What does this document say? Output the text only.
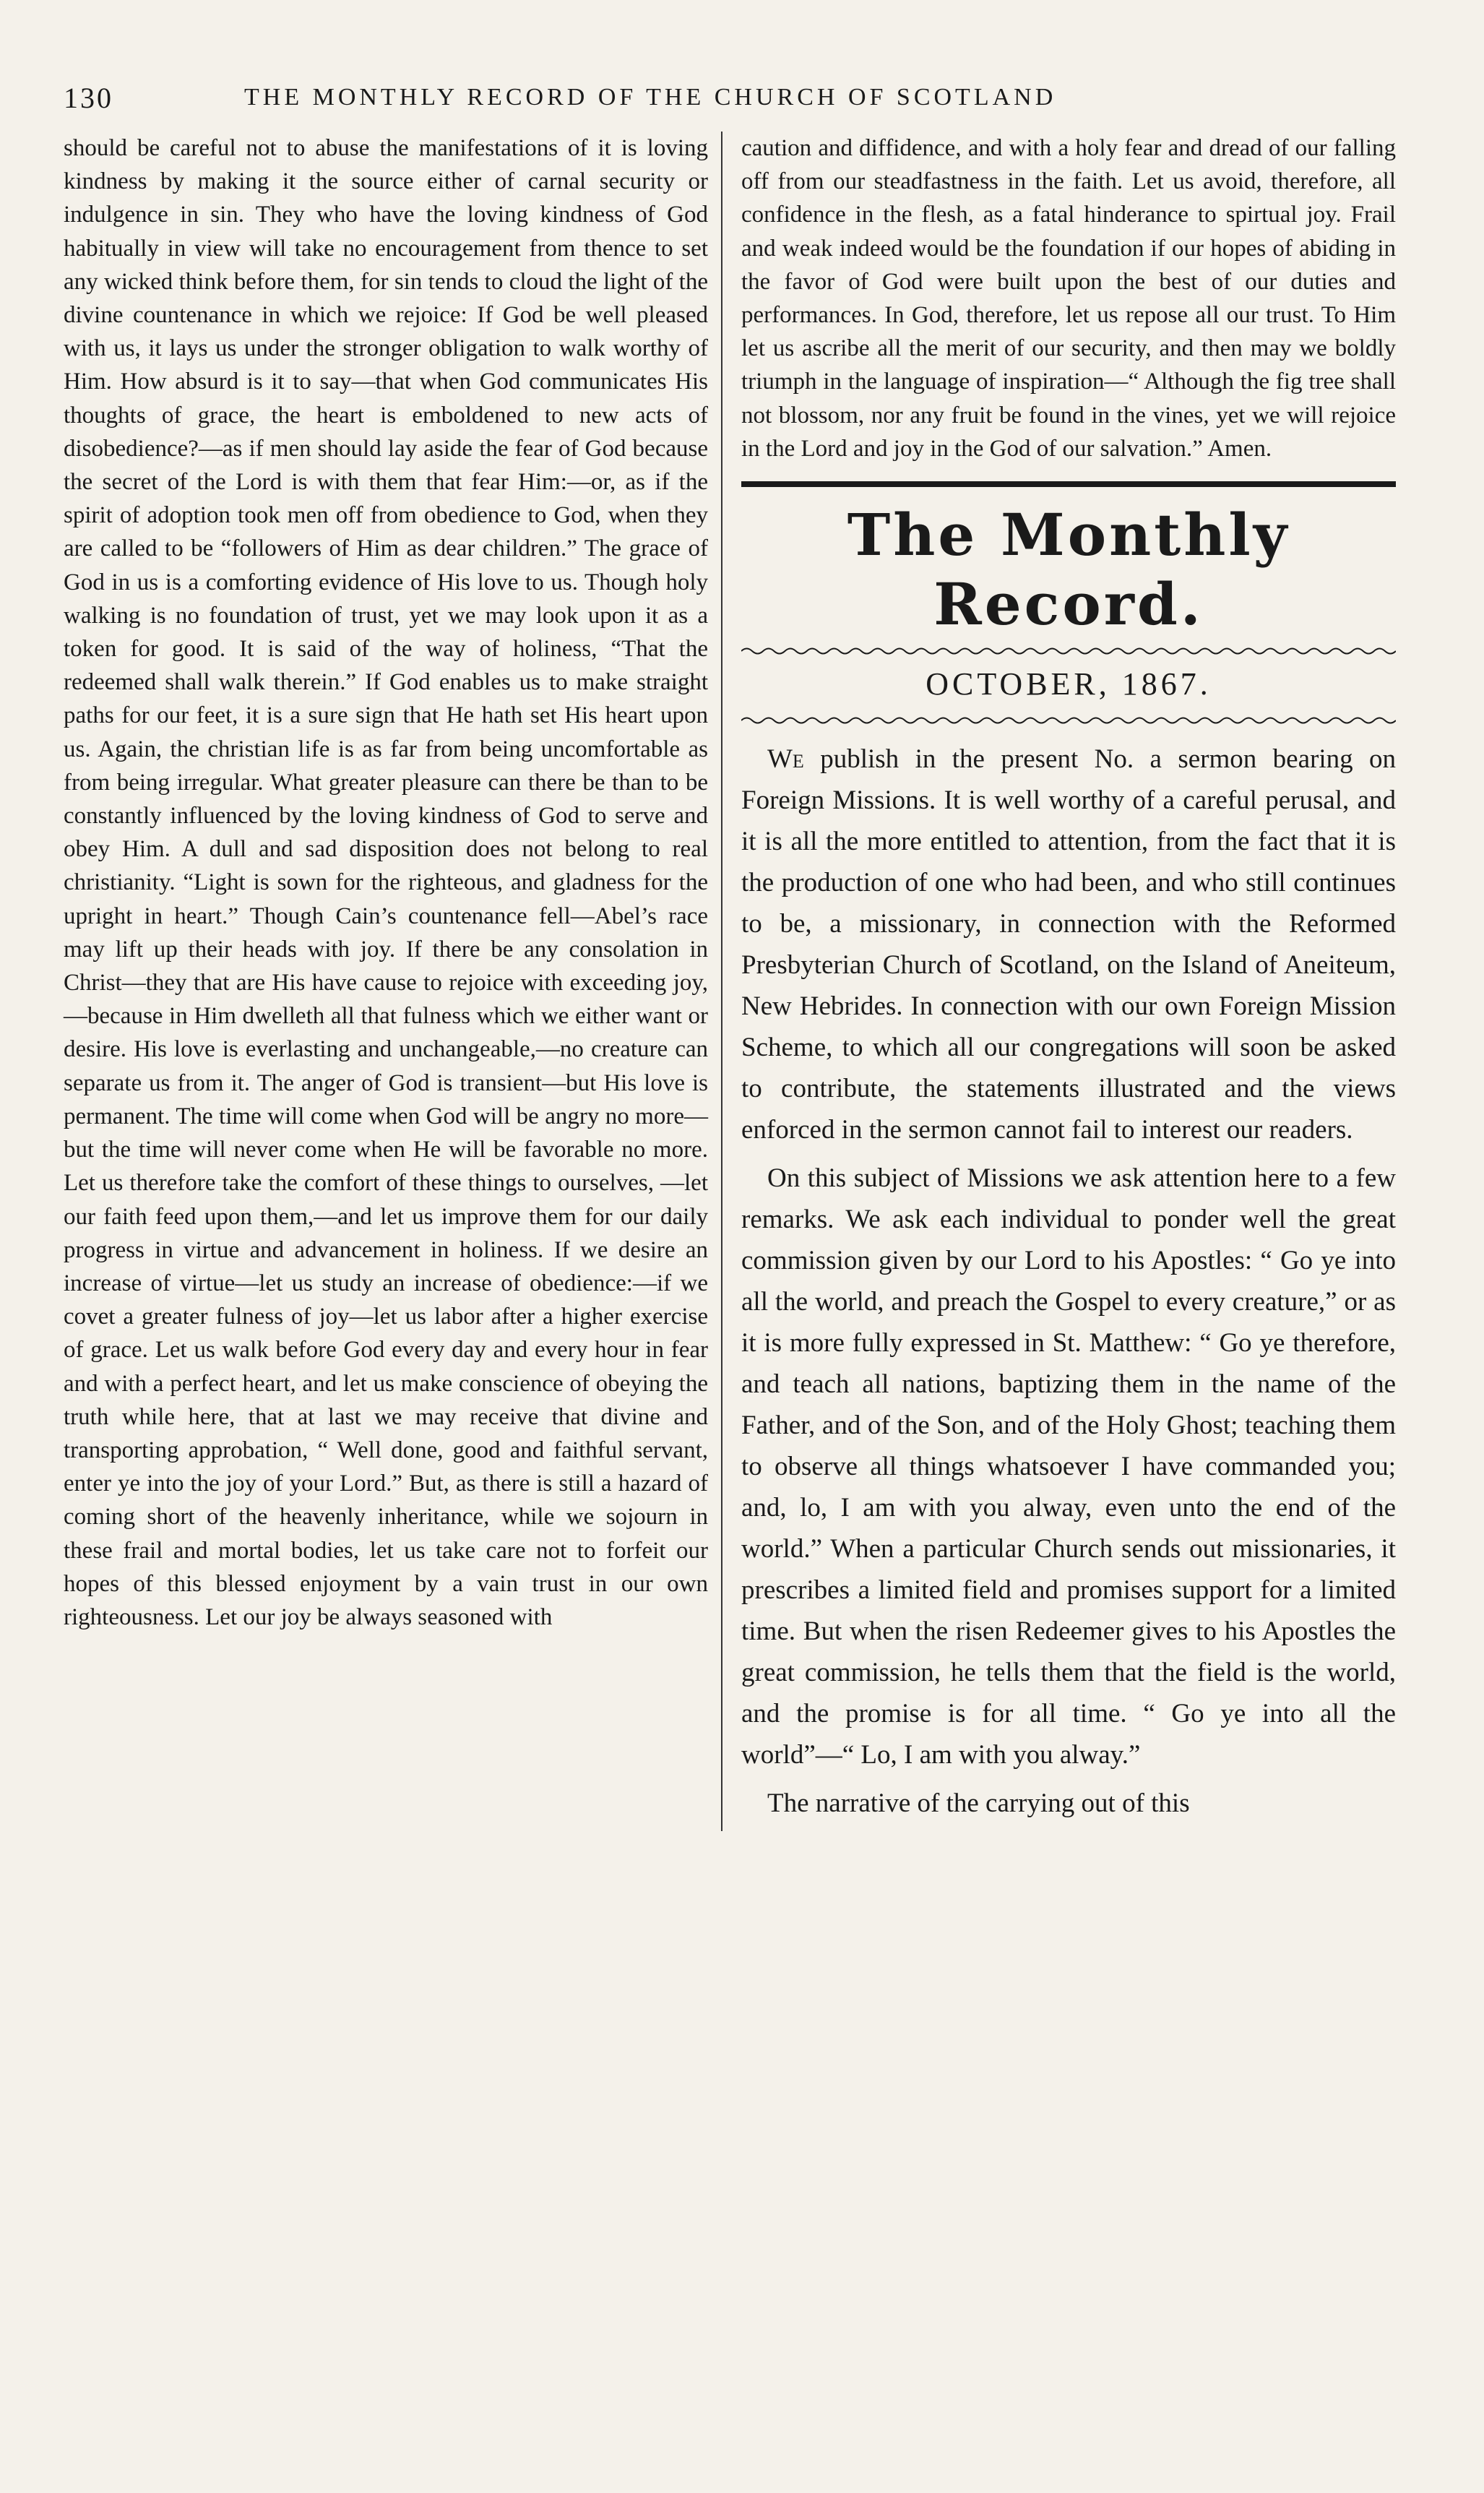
130	THE MONTHLY RECORD OF THE CHURCH OF SCOTLAND

should be careful not to abuse the manifestations of it is loving kindness by making it the source either of carnal security or indulgence in sin. They who have the loving kindness of God habitually in view will take no encouragement from thence to set any wicked think before them, for sin tends to cloud the light of the divine countenance in which we rejoice: If God be well pleased with us, it lays us under the stronger obligation to walk worthy of Him. How absurd is it to say—that when God communicates His thoughts of grace, the heart is emboldened to new acts of disobedience?—as if men should lay aside the fear of God because the secret of the Lord is with them that fear Him:—or, as if the spirit of adoption took men off from obedience to God, when they are called to be “followers of Him as dear children.” The grace of God in us is a comforting evidence of His love to us. Though holy walking is no foundation of trust, yet we may look upon it as a token for good. It is said of the way of holiness, “That the redeemed shall walk therein.” If God enables us to make straight paths for our feet, it is a sure sign that He hath set His heart upon us. Again, the christian life is as far from being uncomfortable as from being irregular. What greater pleasure can there be than to be constantly influenced by the loving kindness of God to serve and obey Him. A dull and sad disposition does not belong to real christianity. “Light is sown for the righteous, and gladness for the upright in heart.” Though Cain’s countenance fell—Abel’s race may lift up their heads with joy. If there be any consolation in Christ—they that are His have cause to rejoice with exceeding joy,—because in Him dwelleth all that fulness which we either want or desire. His love is everlasting and unchangeable,—no creature can separate us from it. The anger of God is transient—but His love is permanent. The time will come when God will be angry no more—but the time will never come when He will be favorable no more. Let us therefore take the comfort of these things to ourselves, —let our faith feed upon them,—and let us improve them for our daily progress in virtue and advancement in holiness. If we desire an increase of virtue—let us study an increase of obedience:—if we covet a greater fulness of joy—let us labor after a higher exercise of grace. Let us walk before God every day and every hour in fear and with a perfect heart, and let us make conscience of obeying the truth while here, that at last we may receive that divine and transporting approbation, “ Well done, good and faithful servant, enter ye into the joy of your Lord.” But, as there is still a hazard of coming short of the heavenly inheritance, while we sojourn in these frail and mortal bodies, let us take care not to forfeit our hopes of this blessed enjoyment by a vain trust in our own righteousness. Let our joy be always seasoned with

caution and diffidence, and with a holy fear and dread of our falling off from our steadfastness in the faith. Let us avoid, therefore, all confidence in the flesh, as a fatal hinderance to spirtual joy. Frail and weak indeed would be the foundation if our hopes of abiding in the favor of God were built upon the best of our duties and performances. In God, therefore, let us repose all our trust. To Him let us ascribe all the merit of our security, and then may we boldly triumph in the language of inspiration—“ Although the fig tree shall not blossom, nor any fruit be found in the vines, yet we will rejoice in the Lord and joy in the God of our salvation.” Amen.

The Monthly Record.
OCTOBER, 1867.

We publish in the present No. a sermon bearing on Foreign Missions. It is well worthy of a careful perusal, and it is all the more entitled to attention, from the fact that it is the production of one who had been, and who still continues to be, a missionary, in connection with the Reformed Presbyterian Church of Scotland, on the Island of Aneiteum, New Hebrides. In connection with our own Foreign Mission Scheme, to which all our congregations will soon be asked to contribute, the statements illustrated and the views enforced in the sermon cannot fail to interest our readers.

On this subject of Missions we ask attention here to a few remarks. We ask each individual to ponder well the great commission given by our Lord to his Apostles: “ Go ye into all the world, and preach the Gospel to every creature,” or as it is more fully expressed in St. Matthew: “ Go ye therefore, and teach all nations, baptizing them in the name of the Father, and of the Son, and of the Holy Ghost; teaching them to observe all things whatsoever I have commanded you; and, lo, I am with you alway, even unto the end of the world.” When a particular Church sends out missionaries, it prescribes a limited field and promises support for a limited time. But when the risen Redeemer gives to his Apostles the great commission, he tells them that the field is the world, and the promise is for all time. “ Go ye into all the world”—“ Lo, I am with you alway.”

The narrative of the carrying out of this
